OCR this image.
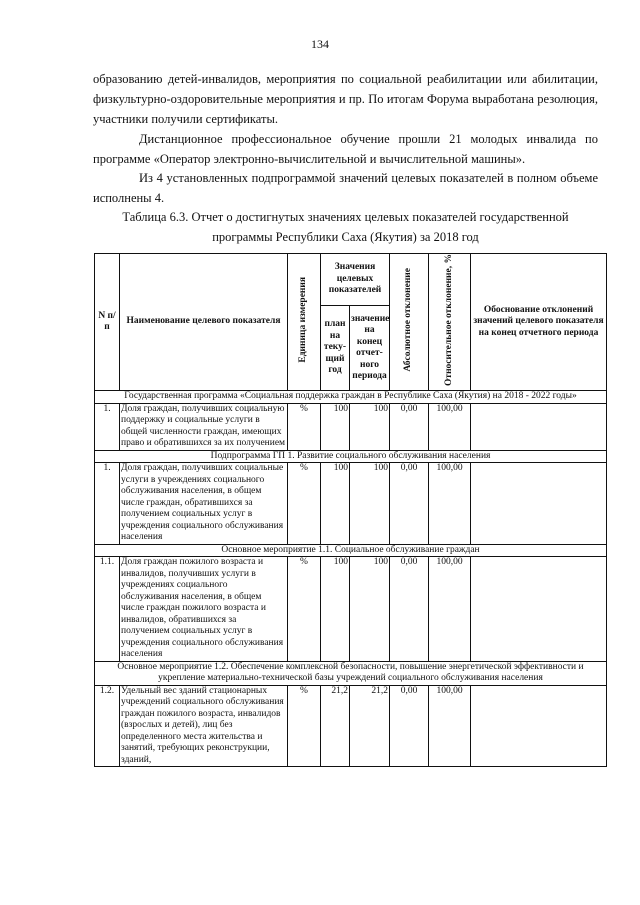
134

образованию детей-инвалидов, мероприятия по социальной реабилитации или абилитации, физкультурно-оздоровительные мероприятия и пр. По итогам Форума выработана резолюция, участники получили сертификаты.

Дистанционное профессиональное обучение прошли 21 молодых инвалида по программе «Оператор электронно-вычислительной и вычислительной машины».

Из 4 установленных подпрограммой значений целевых показателей в полном объеме исполнены 4.

Таблица 6.3. Отчет о достигнутых значениях целевых показателей государственной программы Республики Саха (Якутия) за 2018 год

N п/п	Наименование целевого показателя	Единица измерения	Значения целевых показателей		Абсолютное отклонение	Относительное отклонение, %	Обоснование отклонений значений целевого показателя на конец отчетного периода
			план на теку-щий год	значение на конец отчет-ного периода			
Государственная программа «Социальная поддержка граждан в Республике Саха (Якутия) на 2018 - 2022 годы»							
1.	Доля граждан, получивших социальную поддержку и социальные услуги в общей численности граждан, имеющих право и обратившихся за их получением	%	100	100	0,00	100,00	
Подпрограмма ГП 1. Развитие социального обслуживания населения							
1.	Доля граждан, получивших социальные услуги в учреждениях социального обслуживания населения, в общем числе граждан, обратившихся за получением социальных услуг в учреждения социального обслуживания населения	%	100	100	0,00	100,00	
Основное мероприятие 1.1. Социальное обслуживание граждан							
1.1.	Доля граждан пожилого возраста и инвалидов, получивших услуги в учреждениях социального обслуживания населения, в общем числе граждан пожилого возраста и инвалидов, обратившихся за получением социальных услуг в учреждения социального обслуживания населения	%	100	100	0,00	100,00	
Основное мероприятие 1.2. Обеспечение комплексной безопасности, повышение энергетической эффективности и укрепление материально-технической базы учреждений социального обслуживания населения							
1.2.	Удельный вес зданий стационарных учреждений социального обслуживания граждан пожилого возраста, инвалидов (взрослых и детей), лиц без определенного места жительства и занятий, требующих реконструкции, зданий,	%	21,2	21,2	0,00	100,00	
